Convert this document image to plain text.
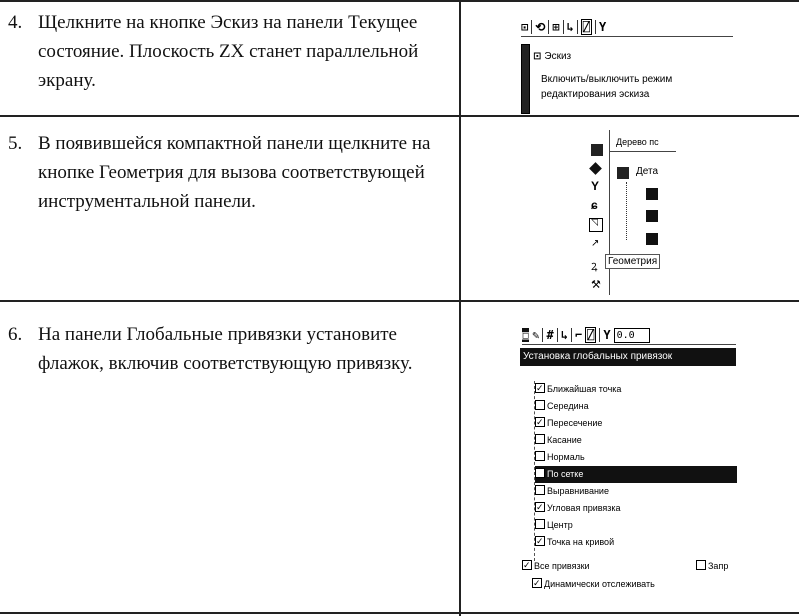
4. Щелкните на кнопке Эскиз на панели Текущее состояние. Плоскость ZX станет параллельной экрану.
⊡ ⟲ ⊞ ↳ ⍁ Y
⊡ Эскиз
Включить/выключить режим
редактирования эскиза
5. В появившейся компактной панели щелкните на кнопке Геометрия для вызова соответствующей инструментальной панели.
Y
ɕ
◹
↗
Ꝝ
⚒
Дерево пс
Дета
Геометрия
6. На панели Глобальные привязки установите флажок, включив соответствующую привязку.
▣ ✎ # ↳ ⌐ ⍁ Y 0.0
Установка глобальных привязок
✓Ближайшая точка
Середина
✓Пересечение
Касание
Нормаль
✓По сетке
Выравнивание
✓Угловая привязка
Центр
✓Точка на кривой
✓Все привязки	Запр
✓Динамически отслеживать
